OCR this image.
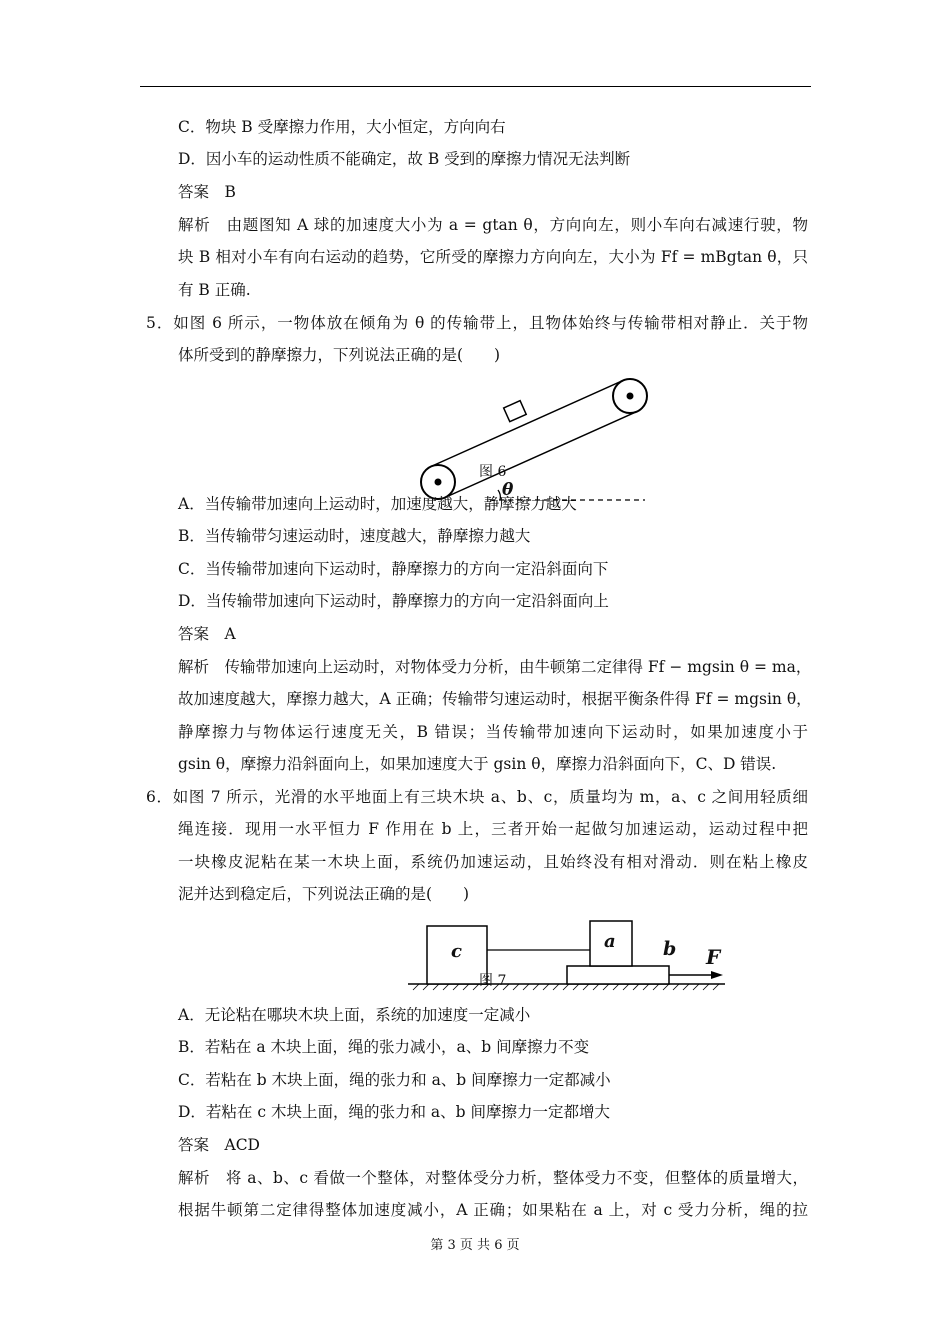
C．物块 B 受摩擦力作用，大小恒定，方向向右
D．因小车的运动性质不能确定，故 B 受到的摩擦力情况无法判断
答案　B
解析　由题图知 A 球的加速度大小为 a = gtan θ，方向向左，则小车向右减速行驶，物
块 B 相对小车有向右运动的趋势，它所受的摩擦力方向向左，大小为 Ff = mBgtan θ，只
有 B 正确.
5．如图 6 所示，一物体放在倾角为 θ 的传输带上，且物体始终与传输带相对静止．关于物
体所受到的静摩擦力，下列说法正确的是(　　)
图 6
θ
A．当传输带加速向上运动时，加速度越大，静摩擦力越大
B．当传输带匀速运动时，速度越大，静摩擦力越大
C．当传输带加速向下运动时，静摩擦力的方向一定沿斜面向下
D．当传输带加速向下运动时，静摩擦力的方向一定沿斜面向上
答案　A
解析　传输带加速向上运动时，对物体受力分析，由牛顿第二定律得 Ff − mgsin θ = ma，
故加速度越大，摩擦力越大，A 正确；传输带匀速运动时，根据平衡条件得 Ff = mgsin θ，
静摩擦力与物体运行速度无关，B 错误；当传输带加速向下运动时，如果加速度小于
gsin θ，摩擦力沿斜面向上，如果加速度大于 gsin θ，摩擦力沿斜面向下，C、D 错误.
6．如图 7 所示，光滑的水平地面上有三块木块 a、b、c，质量均为 m，a、c 之间用轻质细
绳连接．现用一水平恒力 F 作用在 b 上，三者开始一起做匀加速运动，运动过程中把
一块橡皮泥粘在某一木块上面，系统仍加速运动，且始终没有相对滑动．则在粘上橡皮
泥并达到稳定后，下列说法正确的是(　　)
c	a b F
图 7
A．无论粘在哪块木块上面，系统的加速度一定减小
B．若粘在 a 木块上面，绳的张力减小，a、b 间摩擦力不变
C．若粘在 b 木块上面，绳的张力和 a、b 间摩擦力一定都减小
D．若粘在 c 木块上面，绳的张力和 a、b 间摩擦力一定都增大
答案　ACD
解析　将 a、b、c 看做一个整体，对整体受分力析，整体受力不变，但整体的质量增大，
根据牛顿第二定律得整体加速度减小，A 正确；如果粘在 a 上，对 c 受力分析，绳的拉
第 3 页 共 6 页
